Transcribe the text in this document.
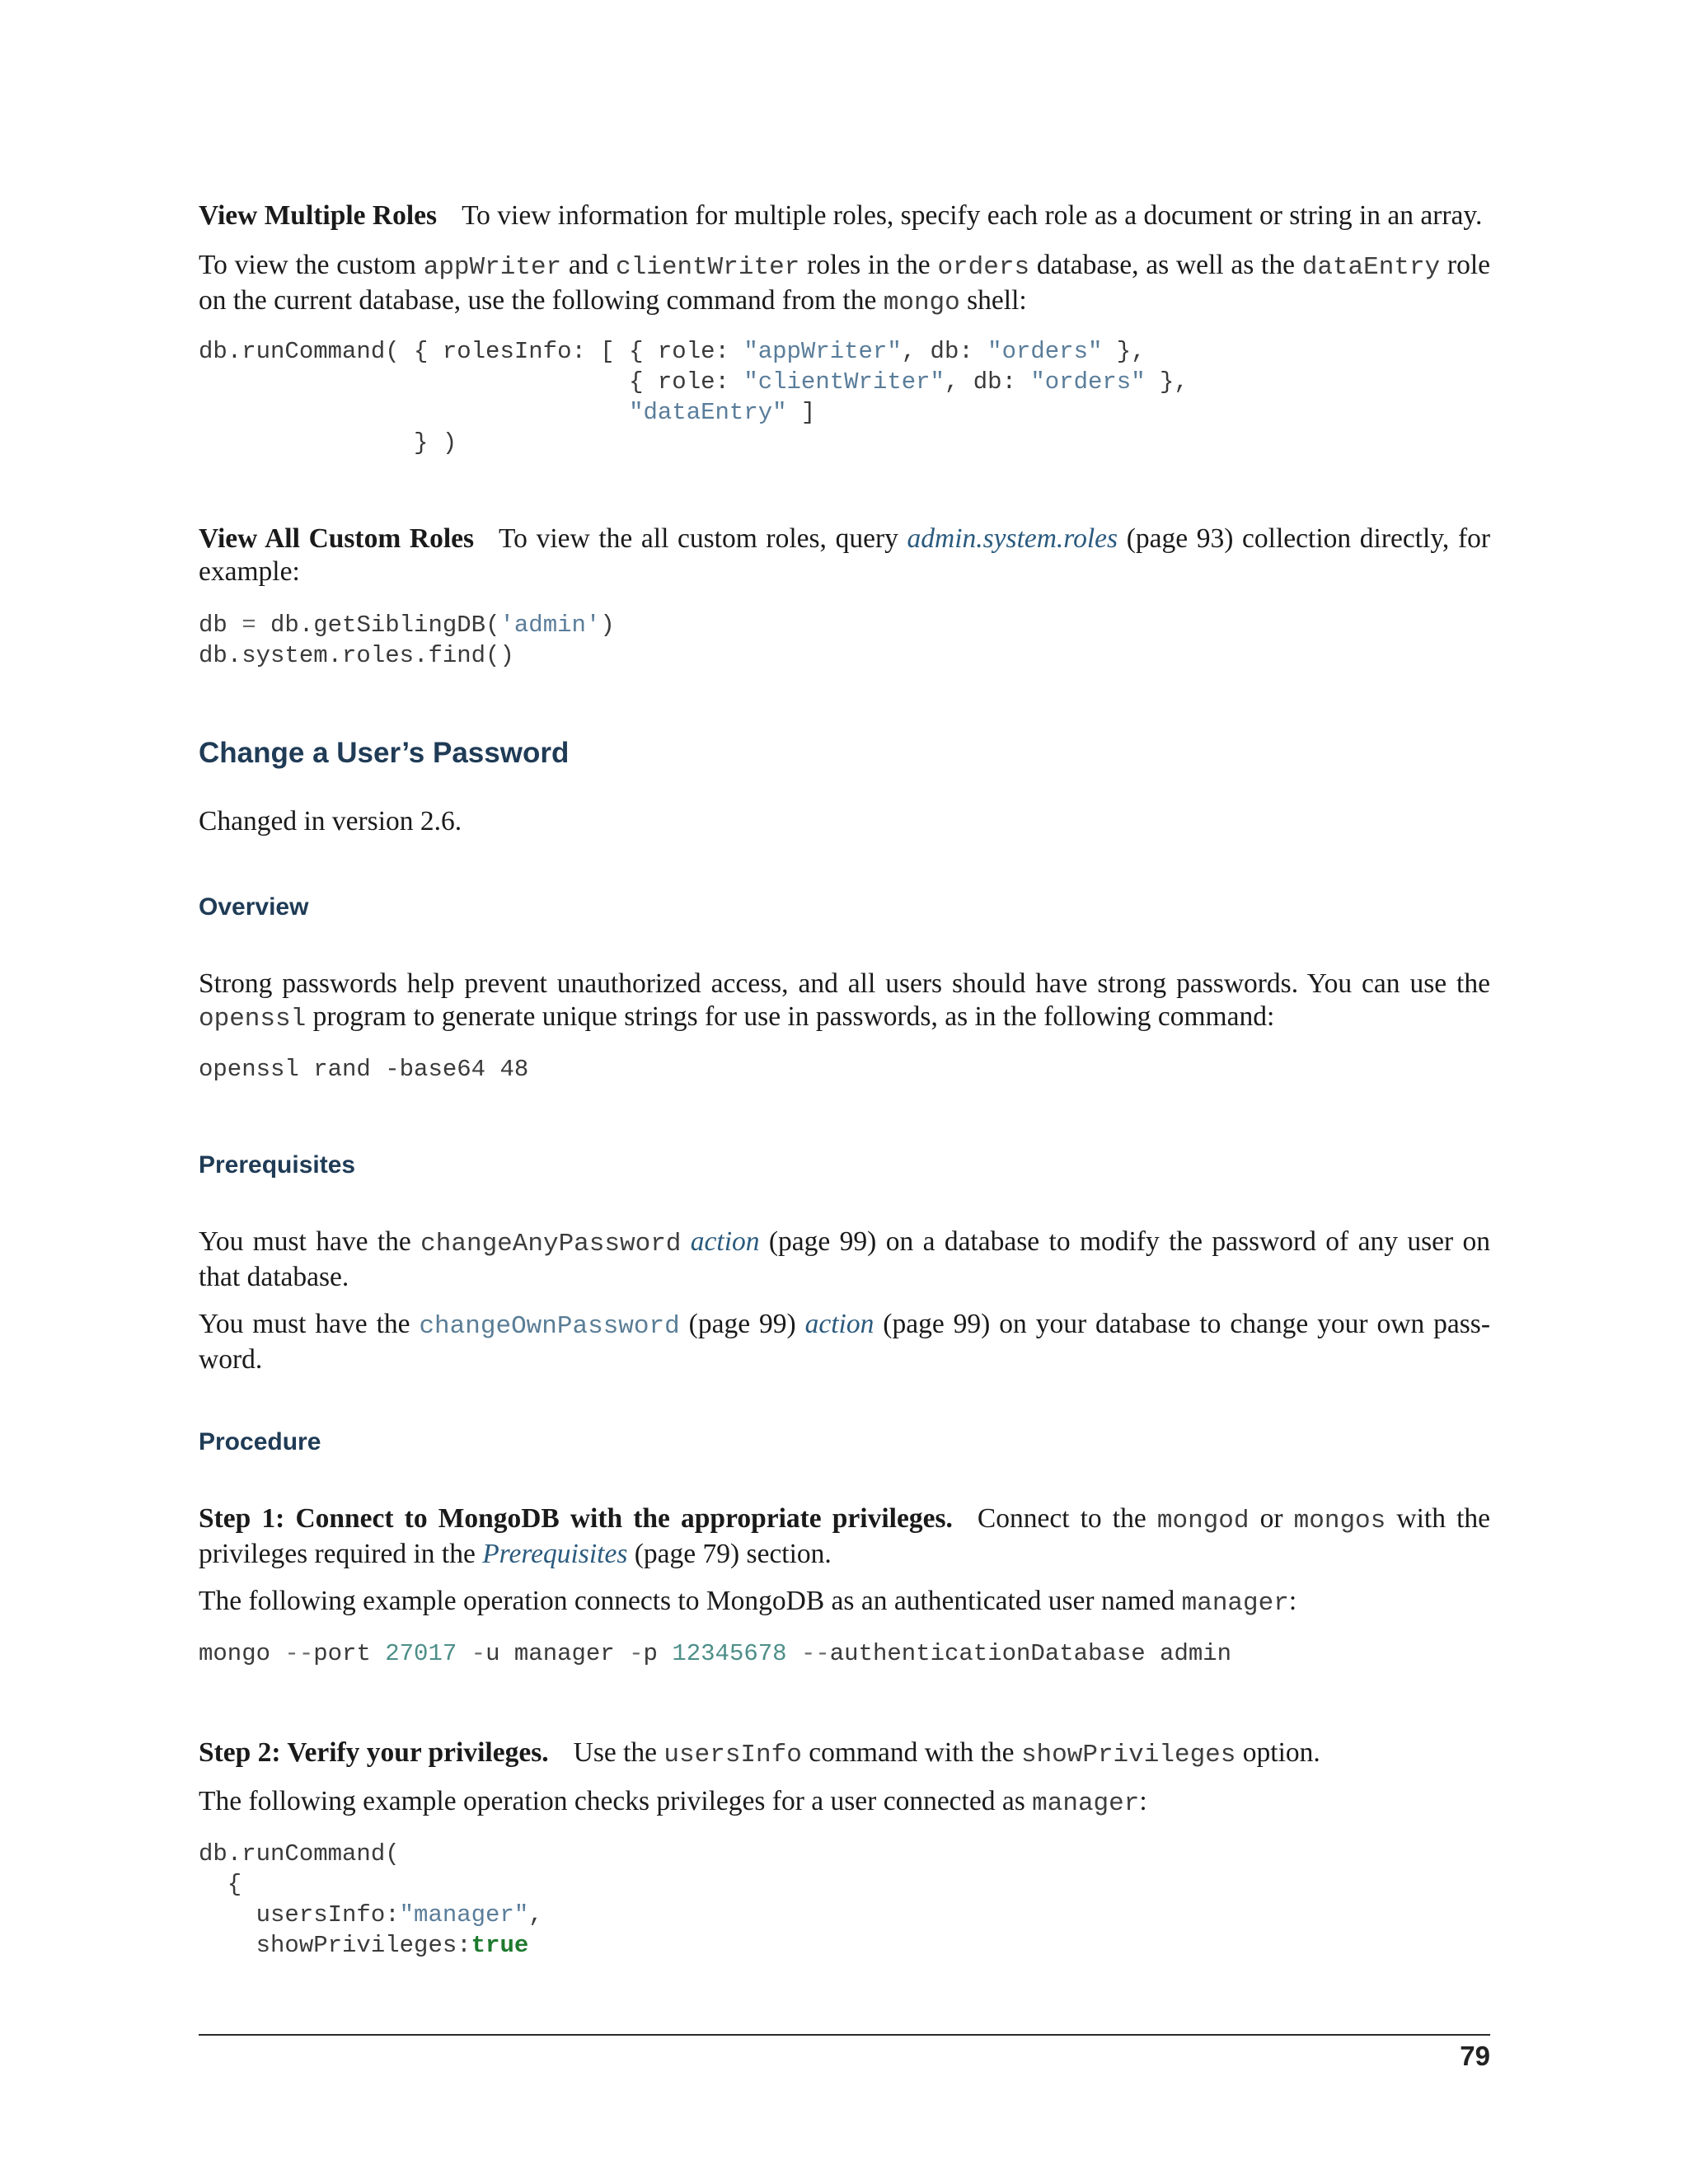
View Multiple Roles To view information for multiple roles, specify each role as a document or string in an array.

To view the custom appWriter and clientWriter roles in the orders database, as well as the dataEntry role on the current database, use the following command from the mongo shell:

db.runCommand( { rolesInfo: [ { role: "appWriter", db: "orders" },
{ role: "clientWriter", db: "orders" },
"dataEntry" ]
} )

View All Custom Roles To view the all custom roles, query admin.system.roles (page 93) collection directly, for example:

db = db.getSiblingDB('admin')
db.system.roles.find()
Change a User’s Password

Changed in version 2.6.

Overview

Strong passwords help prevent unauthorized access, and all users should have strong passwords. You can use the openssl program to generate unique strings for use in passwords, as in the following command:

openssl rand -base64 48
Prerequisites

You must have the changeAnyPassword action (page 99) on a database to modify the password of any user on that database.

You must have the changeOwnPassword (page 99) action (page 99) on your database to change your own pass-word.

Procedure

Step 1: Connect to MongoDB with the appropriate privileges. Connect to the mongod or mongos with the privileges required in the Prerequisites (page 79) section.

The following example operation connects to MongoDB as an authenticated user named manager:

mongo --port 27017 -u manager -p 12345678 --authenticationDatabase admin

Step 2: Verify your privileges. Use the usersInfo command with the showPrivileges option.

The following example operation checks privileges for a user connected as manager:

db.runCommand(
{
usersInfo:"manager",
showPrivileges:true
79
